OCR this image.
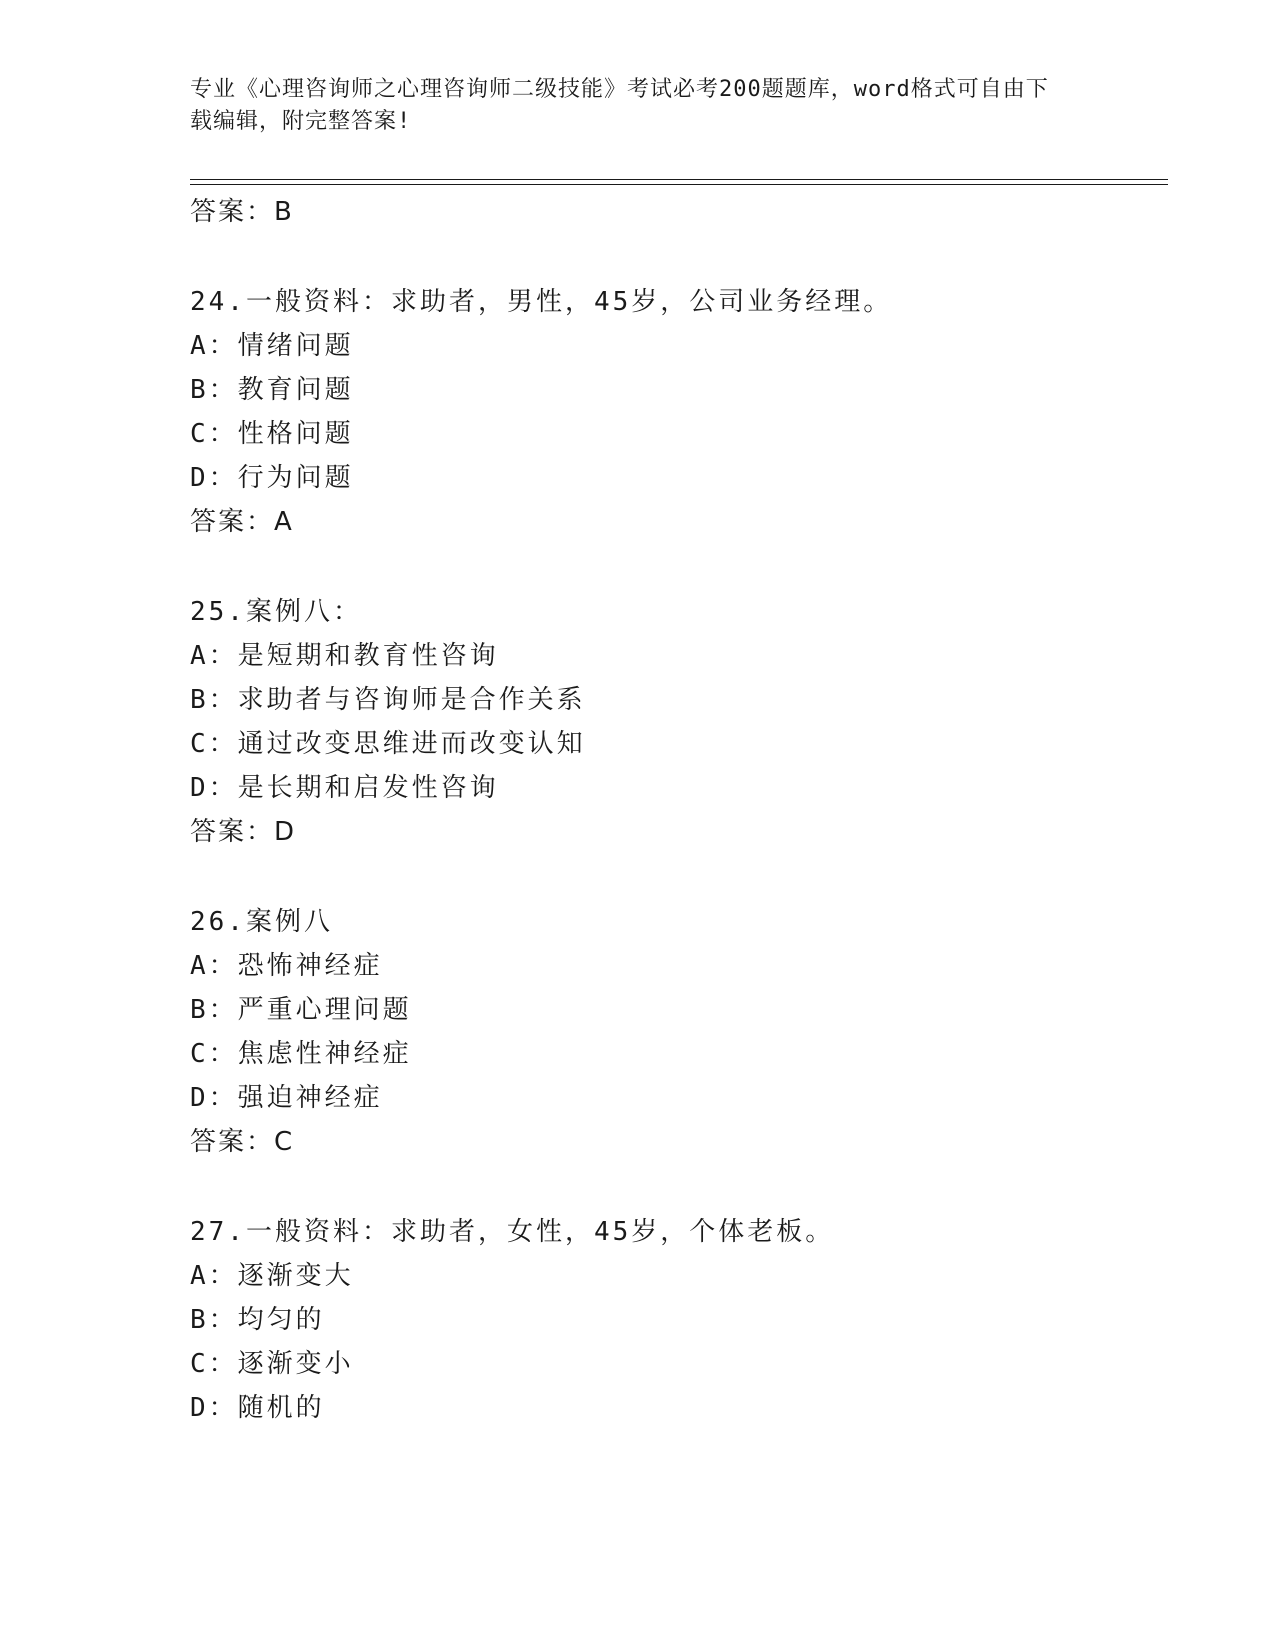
专业《心理咨询师之心理咨询师二级技能》考试必考200题题库，word格式可自由下载编辑，附完整答案!
答案：B
24.一般资料：求助者，男性，45岁，公司业务经理。
A：情绪问题
B：教育问题
C：性格问题
D：行为问题
答案：A
25.案例八：
A：是短期和教育性咨询
B：求助者与咨询师是合作关系
C：通过改变思维进而改变认知
D：是长期和启发性咨询
答案：D
26.案例八
A：恐怖神经症
B：严重心理问题
C：焦虑性神经症
D：强迫神经症
答案：C
27.一般资料：求助者，女性，45岁，个体老板。
A：逐渐变大
B：均匀的
C：逐渐变小
D：随机的
